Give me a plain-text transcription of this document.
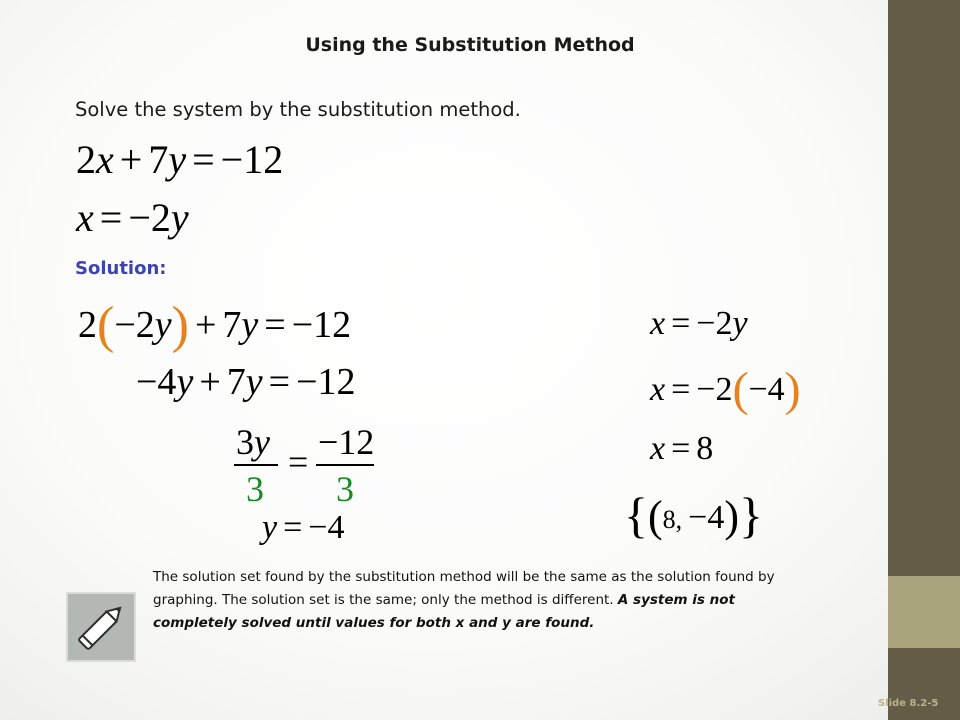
Using the Substitution Method
Solve the system by the substitution method.
2x + 7y = −12
x = −2y
Solution:
2(−2y) + 7y = −12
−4y + 7y = −12
3y
3
= −12
3
y = −4
x = −2y
x = −2(−4)
x = 8
{(8, −4)}
The solution set found by the substitution method will be the same as the solution found by graphing. The solution set is the same; only the method is different. A system is not completely solved until values for both x and y are found.
Slide 8.2-5
